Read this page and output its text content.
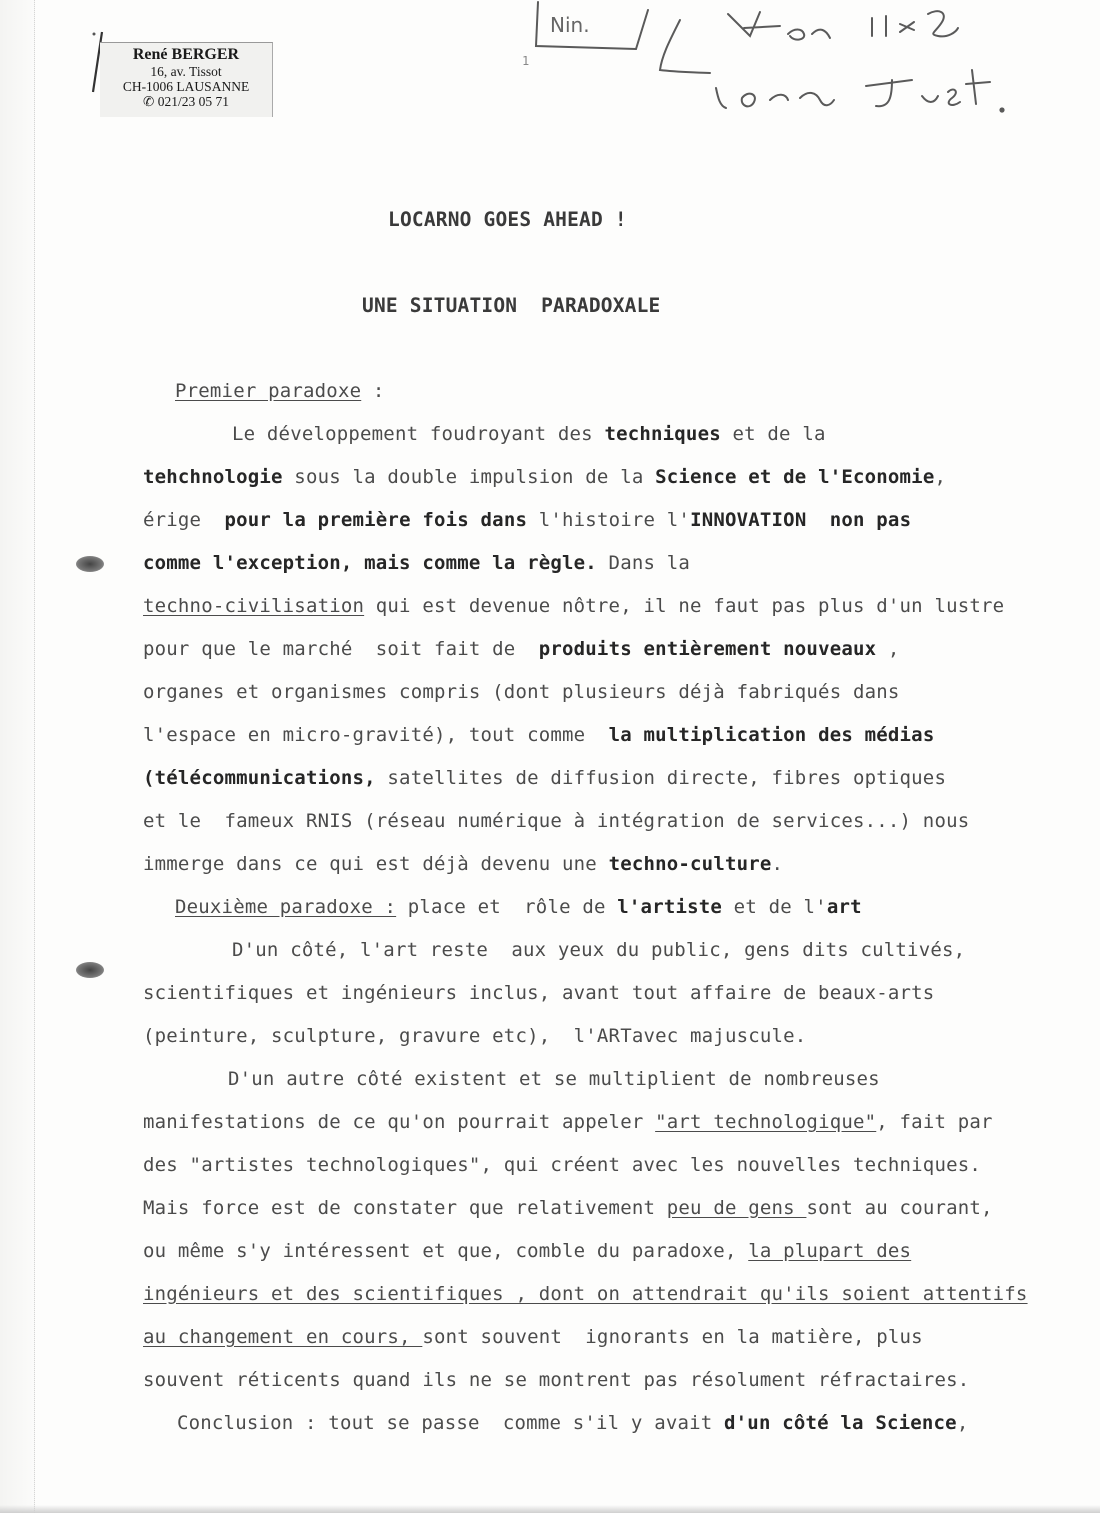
René BERGER
16, av. Tissot
CH-1006 LAUSANNE
✆ 021/23 05 71
Nin.
1
LOCARNO GOES AHEAD !
UNE SITUATION  PARADOXALE
Premier paradoxe :
Le développement foudroyant des techniques et de la
tehchnologie sous la double impulsion de la Science et de l'Economie,
érige  pour la première fois dans l'histoire l'INNOVATION  non pas
comme l'exception, mais comme la règle. Dans la
techno-civilisation qui est devenue nôtre, il ne faut pas plus d'un lustre
pour que le marché  soit fait de  produits entièrement nouveaux ,
organes et organismes compris (dont plusieurs déjà fabriqués dans
l'espace en micro-gravité), tout comme  la multiplication des médias
(télécommunications, satellites de diffusion directe, fibres optiques
et le  fameux RNIS (réseau numérique à intégration de services...) nous
immerge dans ce qui est déjà devenu une techno-culture.
Deuxième paradoxe : place et  rôle de l'artiste et de l'art
D'un côté, l'art reste  aux yeux du public, gens dits cultivés,
scientifiques et ingénieurs inclus, avant tout affaire de beaux-arts
(peinture, sculpture, gravure etc),  l'ARTavec majuscule.
D'un autre côté existent et se multiplient de nombreuses
manifestations de ce qu'on pourrait appeler "art technologique", fait par
des "artistes technologiques", qui créent avec les nouvelles techniques.
Mais force est de constater que relativement peu de gens sont au courant,
ou même s'y intéressent et que, comble du paradoxe, la plupart des
ingénieurs et des scientifiques , dont on attendrait qu'ils soient attentifs
au changement en cours, sont souvent  ignorants en la matière, plus
souvent réticents quand ils ne se montrent pas résolument réfractaires.
Conclusion : tout se passe  comme s'il y avait d'un côté la Science,
